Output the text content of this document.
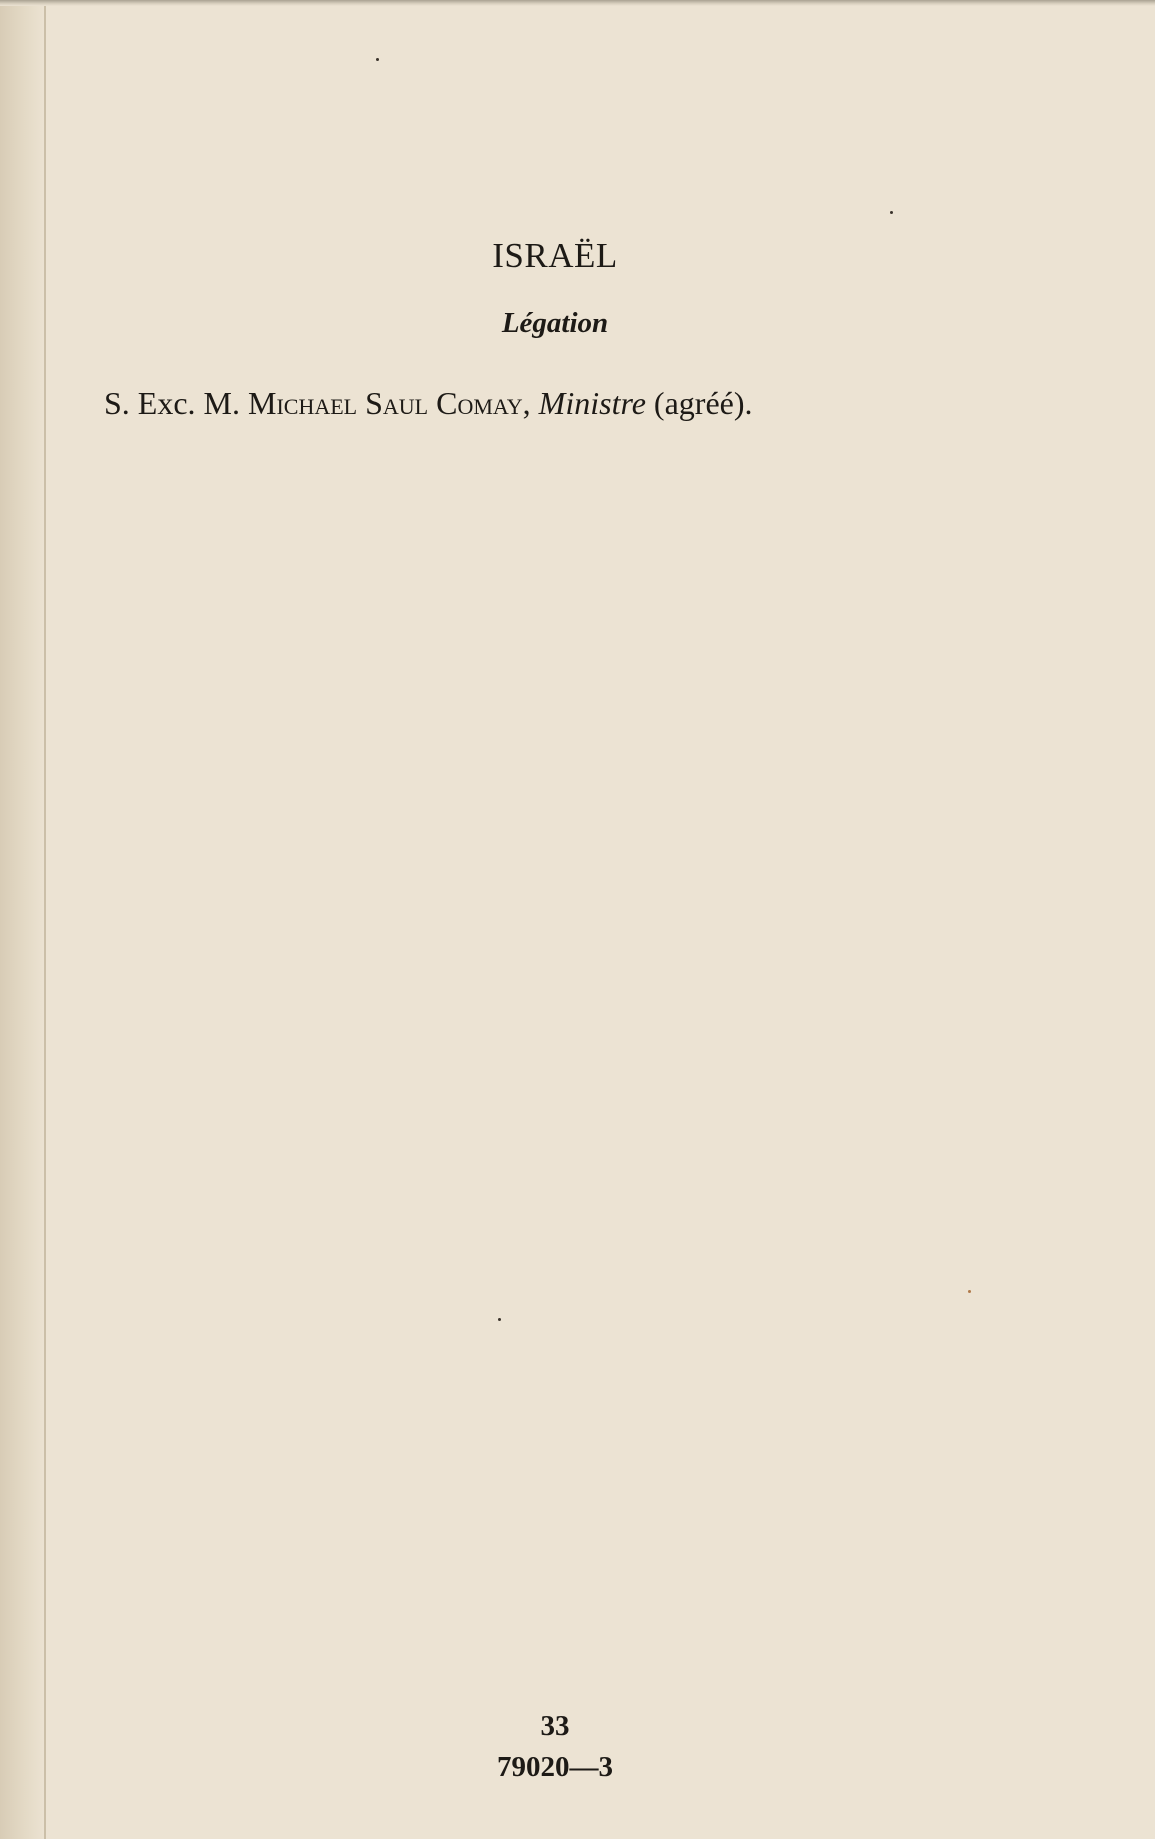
ISRAËL
Légation
S. Exc. M. Michael Saul Comay, Ministre (agréé).
33
79020—3
